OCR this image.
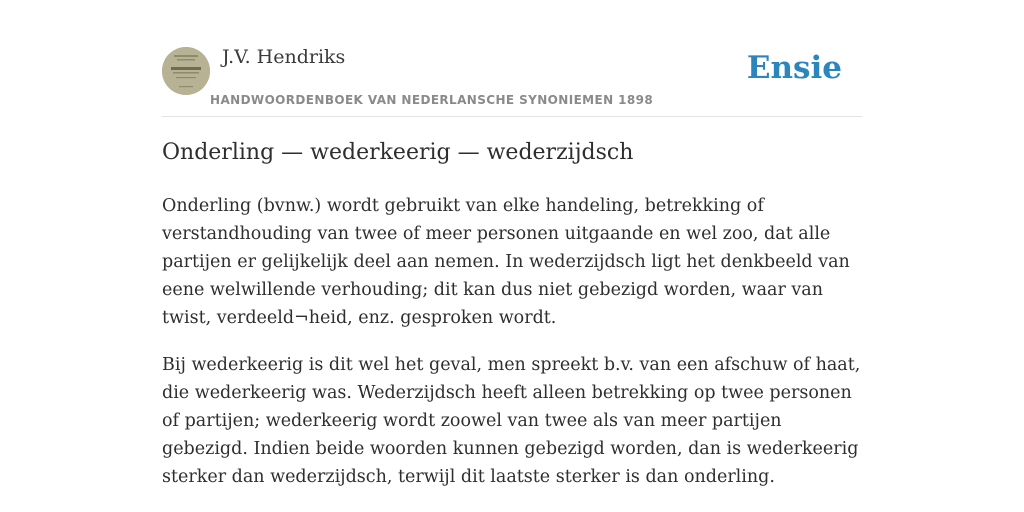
J.V. Hendriks
HANDWOORDENBOEK VAN NEDERLANSCHE SYNONIEMEN 1898
Ensie
Onderling — wederkeerig — wederzijdsch

Onderling (bvnw.) wordt gebruikt van elke handeling, betrekking of verstandhouding van twee of meer personen uitgaande en wel zoo, dat alle partijen er gelijkelijk deel aan nemen. In wederzijdsch ligt het denkbeeld van eene welwillende verhouding; dit kan dus niet gebezigd worden, waar van twist, verdeeld¬heid, enz. gesproken wordt.

Bij wederkeerig is dit wel het geval, men spreekt b.v. van een afschuw of haat, die wederkeerig was. Wederzijdsch heeft alleen betrekking op twee personen of partijen; wederkeerig wordt zoowel van twee als van meer partijen gebezigd. Indien beide woorden kunnen gebezigd worden, dan is wederkeerig sterker dan wederzijdsch, terwijl dit laatste sterker is dan onderling.
